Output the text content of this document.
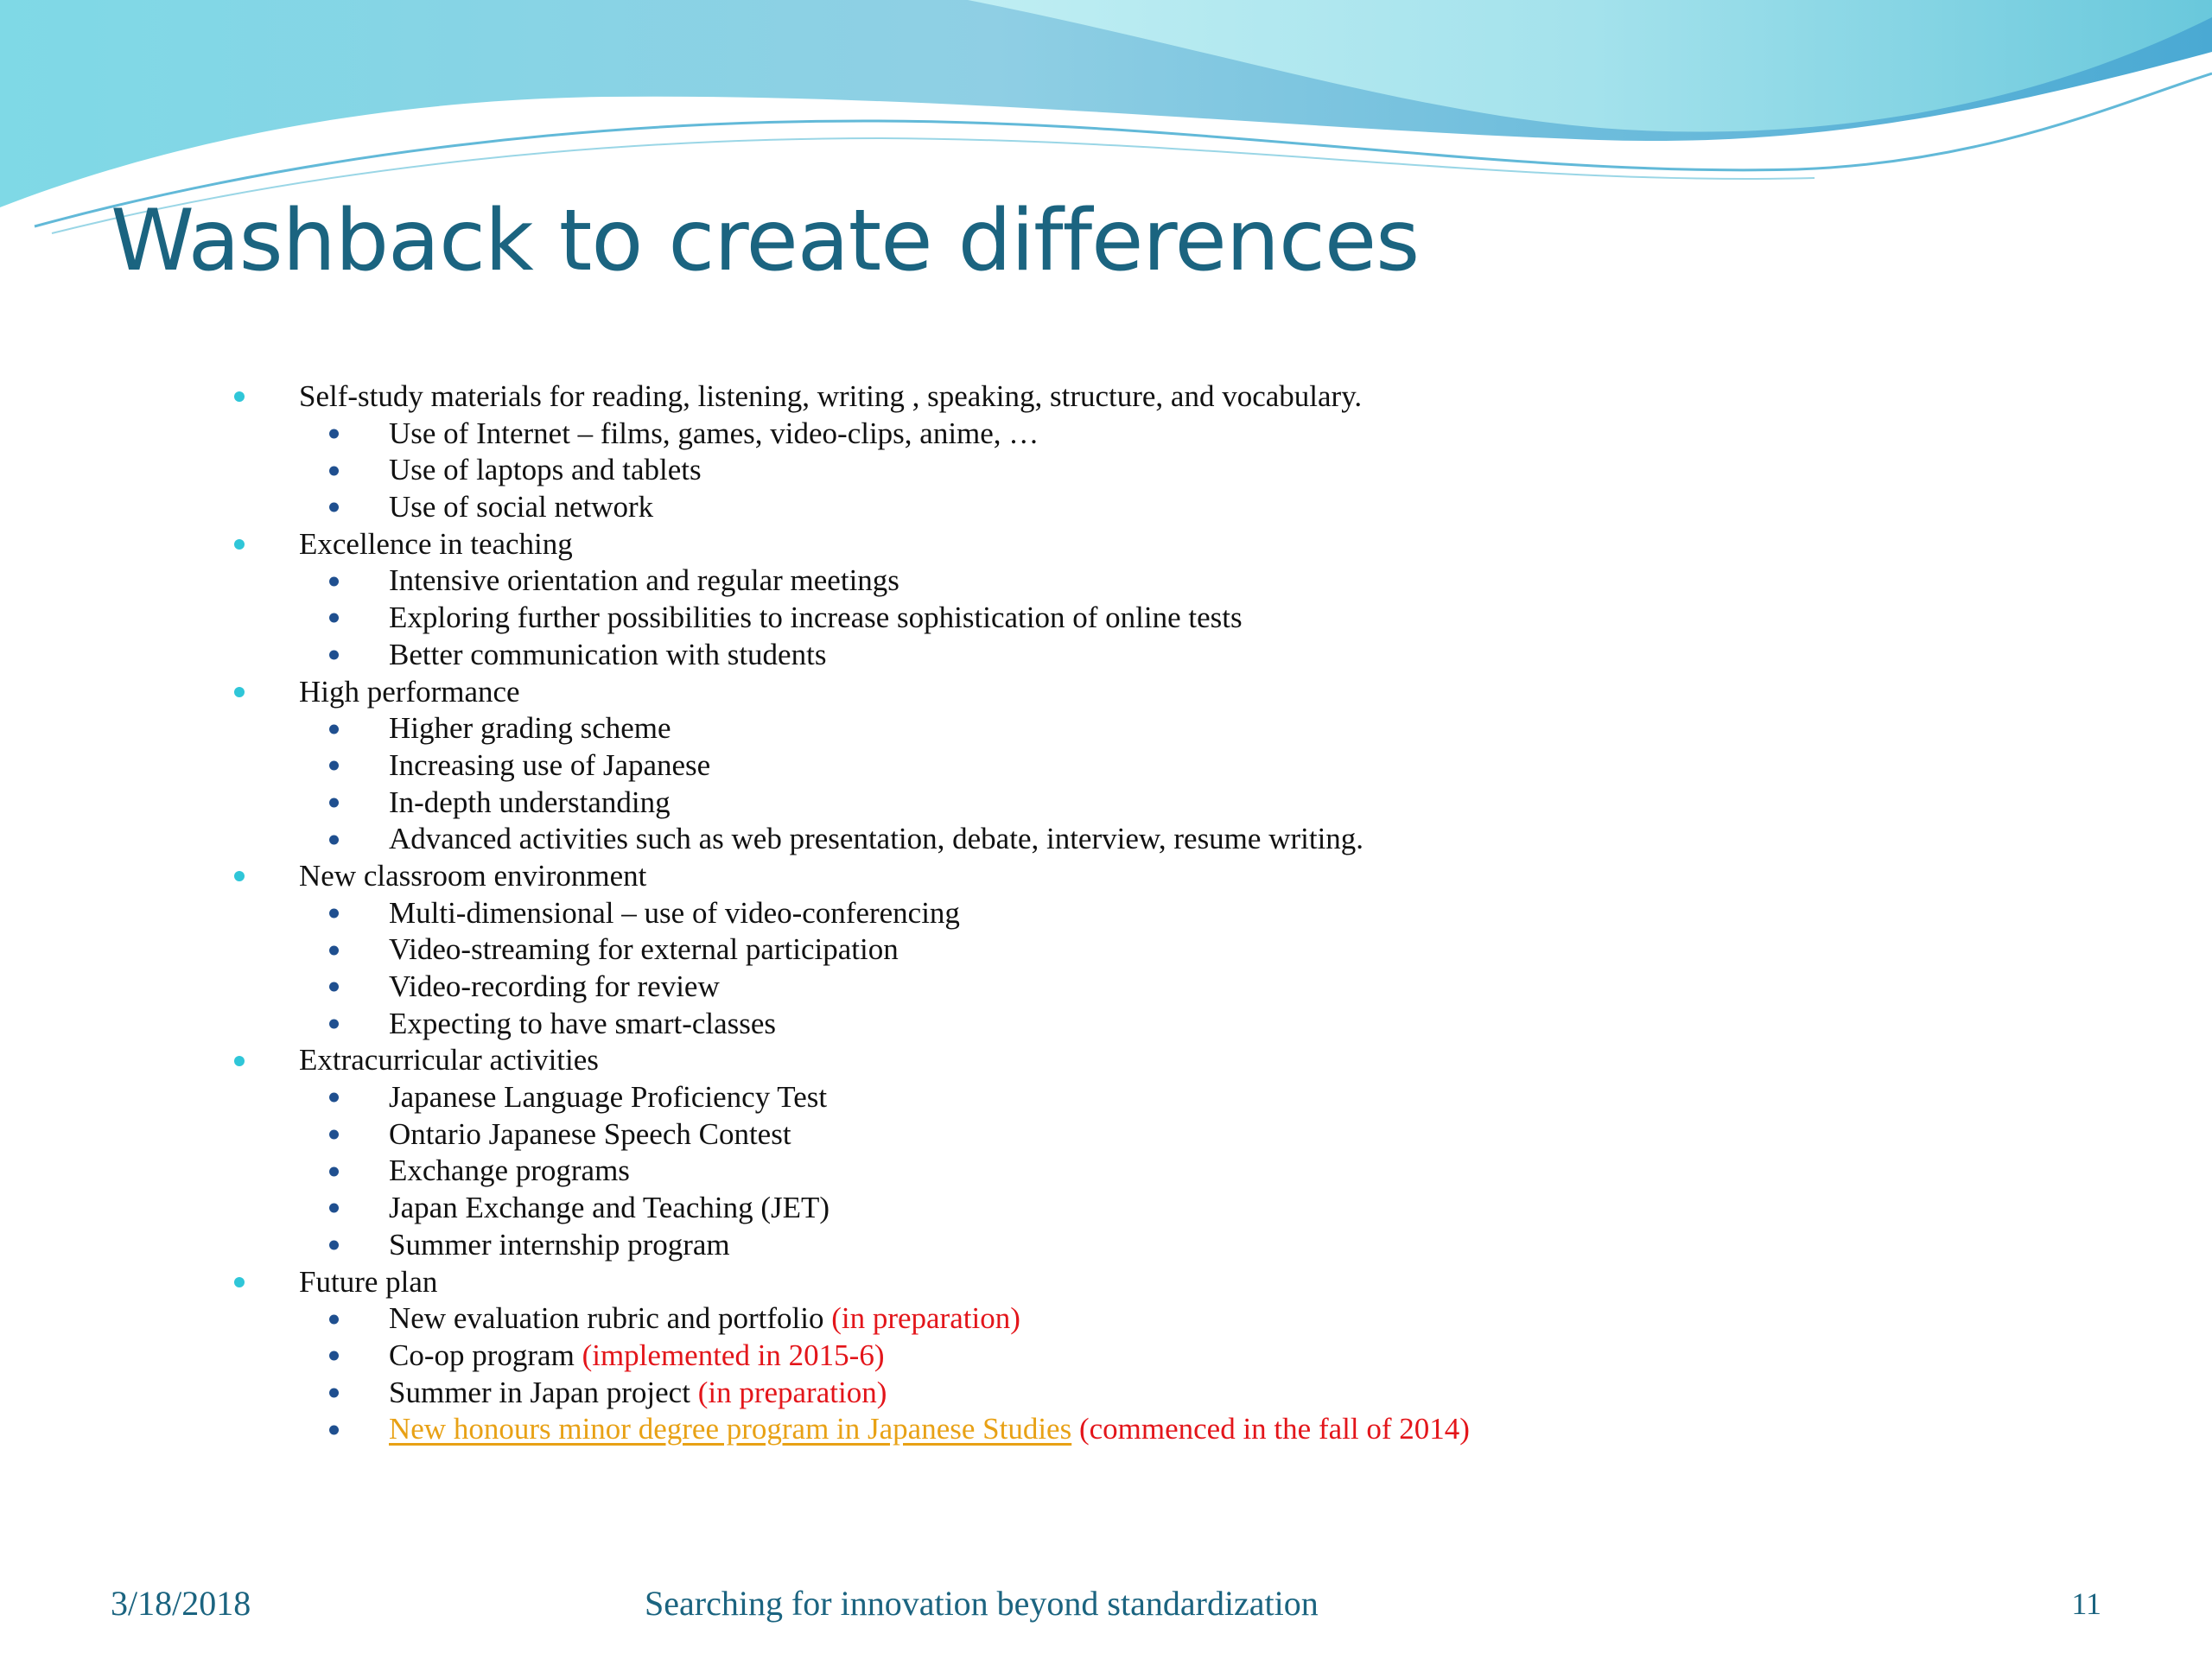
Washback to create differences
Self-study materials for reading, listening, writing , speaking, structure, and vocabulary.
Use of Internet – films, games, video-clips, anime, …
Use of laptops and tablets
Use of social network
Excellence in teaching
Intensive orientation and regular meetings
Exploring further possibilities to increase sophistication of online tests
Better communication with students
High performance
Higher grading scheme
Increasing use of Japanese
In-depth understanding
Advanced activities such as web presentation, debate, interview, resume writing.
New classroom environment
Multi-dimensional – use of video-conferencing
Video-streaming for external participation
Video-recording for review
Expecting to have smart-classes
Extracurricular activities
Japanese Language Proficiency Test
Ontario Japanese Speech Contest
Exchange programs
Japan Exchange and Teaching (JET)
Summer internship program
Future plan
New evaluation rubric and portfolio (in preparation)
Co-op program (implemented in 2015-6)
Summer in Japan project (in preparation)
New honours minor degree program in Japanese Studies (commenced in the fall of 2014)
3/18/2018	Searching for innovation beyond standardization	11
